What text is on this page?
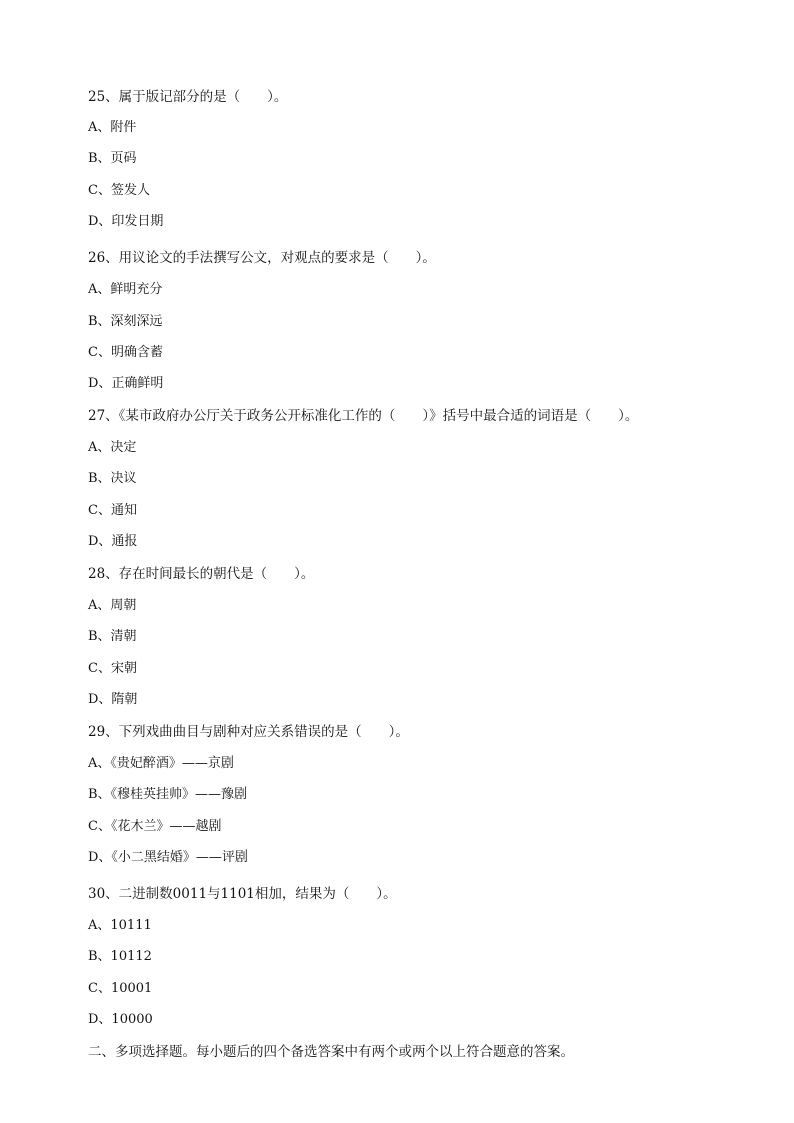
25、属于版记部分的是（　　）。
A、附件
B、页码
C、签发人
D、印发日期
26、用议论文的手法撰写公文，对观点的要求是（　　）。
A、鲜明充分
B、深刻深远
C、明确含蓄
D、正确鲜明
27、《某市政府办公厅关于政务公开标准化工作的（　　）》括号中最合适的词语是（　　）。
A、决定
B、决议
C、通知
D、通报
28、存在时间最长的朝代是（　　）。
A、周朝
B、清朝
C、宋朝
D、隋朝
29、下列戏曲曲目与剧种对应关系错误的是（　　）。
A、《贵妃醉酒》——京剧
B、《穆桂英挂帅》——豫剧
C、《花木兰》——越剧
D、《小二黑结婚》——评剧
30、二进制数0011与1101相加，结果为（　　）。
A、10111
B、10112
C、10001
D、10000
二、多项选择题。每小题后的四个备选答案中有两个或两个以上符合题意的答案。
